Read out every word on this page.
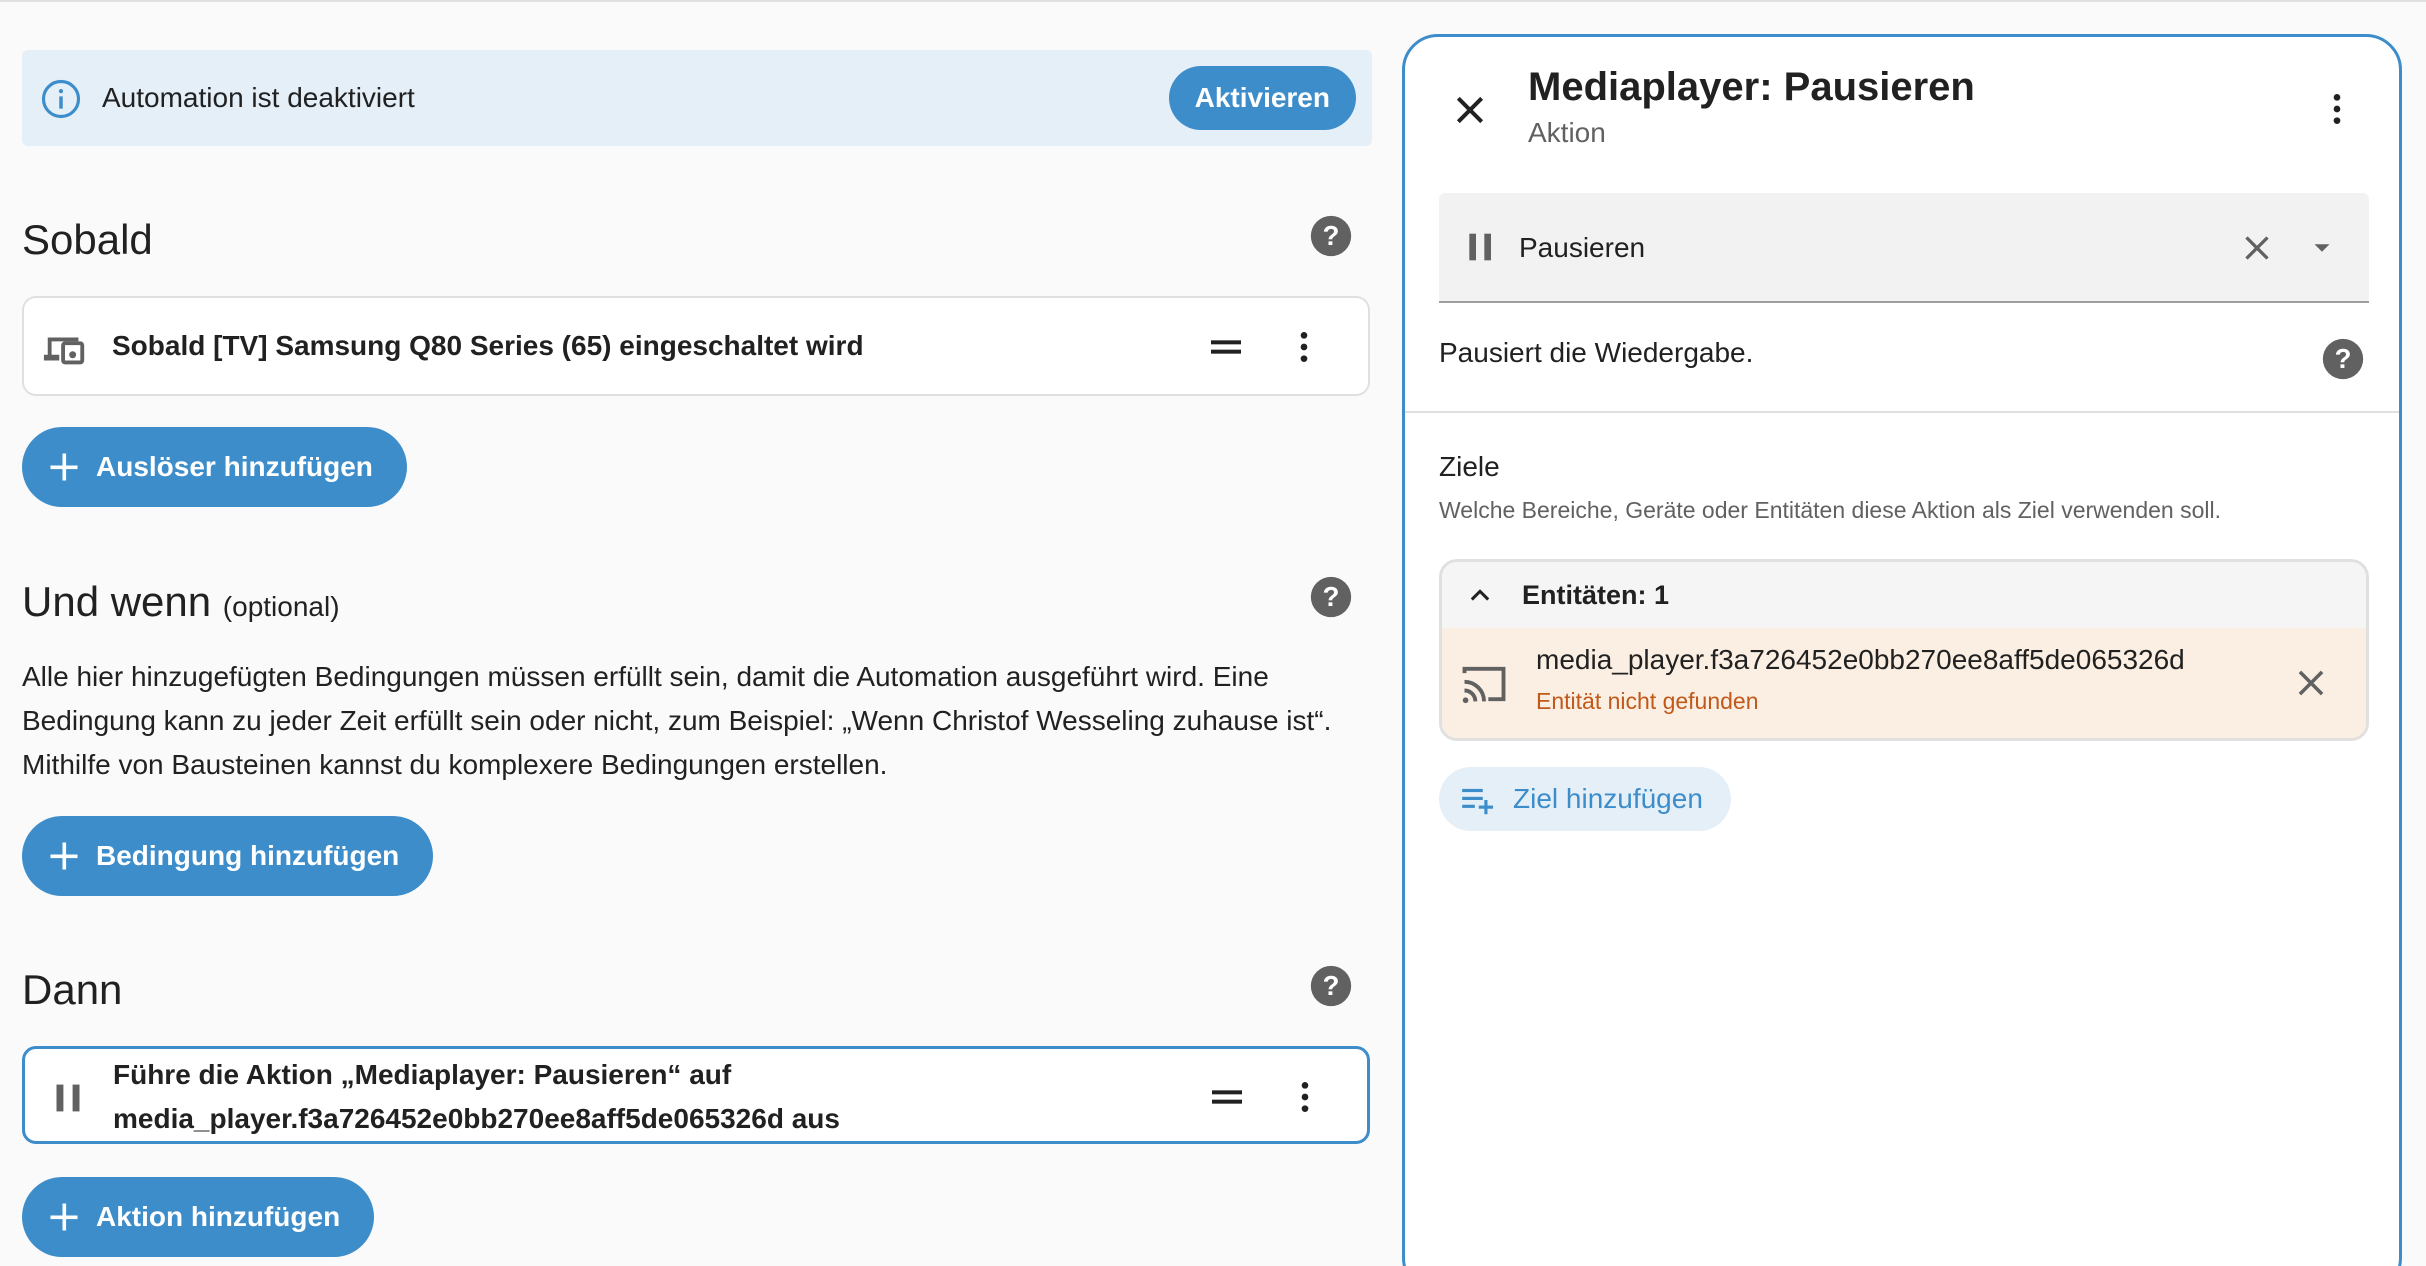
Automation ist deaktiviert	Aktivieren
Sobald	?
Sobald [TV] Samsung Q80 Series (65) eingeschaltet wird
Auslöser hinzufügen
Und wenn (optional)	?
Alle hier hinzugefügten Bedingungen müssen erfüllt sein, damit die Automation ausgeführt wird. Eine
Bedingung kann zu jeder Zeit erfüllt sein oder nicht, zum Beispiel: „Wenn Christof Wesseling zuhause ist“.
Mithilfe von Bausteinen kannst du komplexere Bedingungen erstellen.
Bedingung hinzufügen
Dann	?
Führe die Aktion „Mediaplayer: Pausieren“ auf
media_player.f3a726452e0bb270ee8aff5de065326d aus
Aktion hinzufügen
Mediaplayer: Pausieren
Aktion
Pausieren
Pausiert die Wiedergabe.	?
Ziele
Welche Bereiche, Geräte oder Entitäten diese Aktion als Ziel verwenden soll.
Entitäten: 1
media_player.f3a726452e0bb270ee8aff5de065326d
Entität nicht gefunden
Ziel hinzufügen
